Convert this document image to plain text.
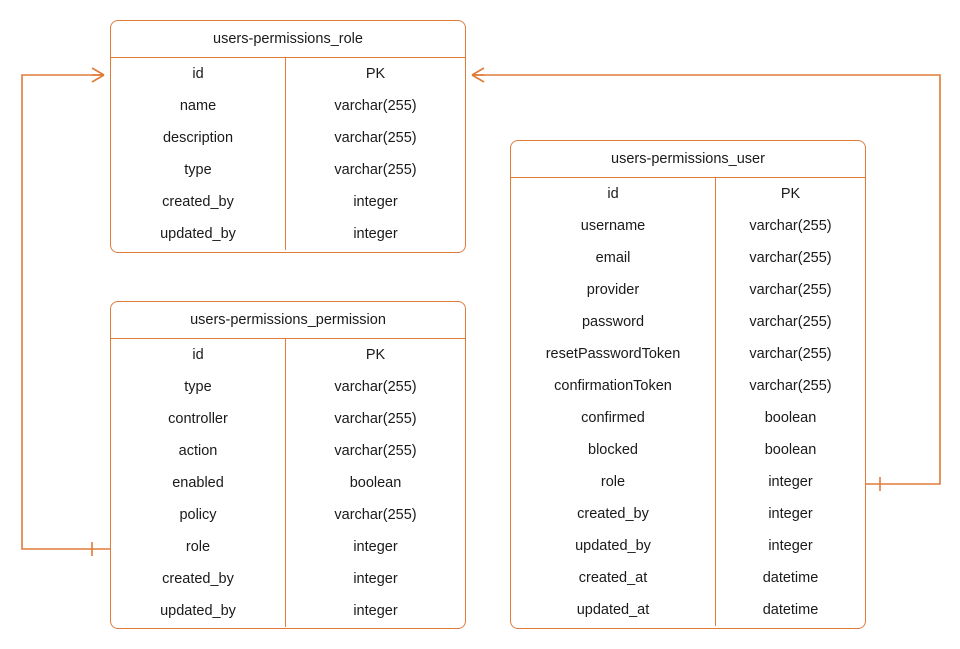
users-permissions_role
id	PK
name	varchar(255)
description	varchar(255)
type	varchar(255)
created_by	integer
updated_by	integer
users-permissions_permission
id	PK
type	varchar(255)
controller	varchar(255)
action	varchar(255)
enabled	boolean
policy	varchar(255)
role	integer
created_by	integer
updated_by	integer
users-permissions_user
id	PK
username	varchar(255)
email	varchar(255)
provider	varchar(255)
password	varchar(255)
resetPasswordToken	varchar(255)
confirmationToken	varchar(255)
confirmed	boolean
blocked	boolean
role	integer
created_by	integer
updated_by	integer
created_at	datetime
updated_at	datetime
